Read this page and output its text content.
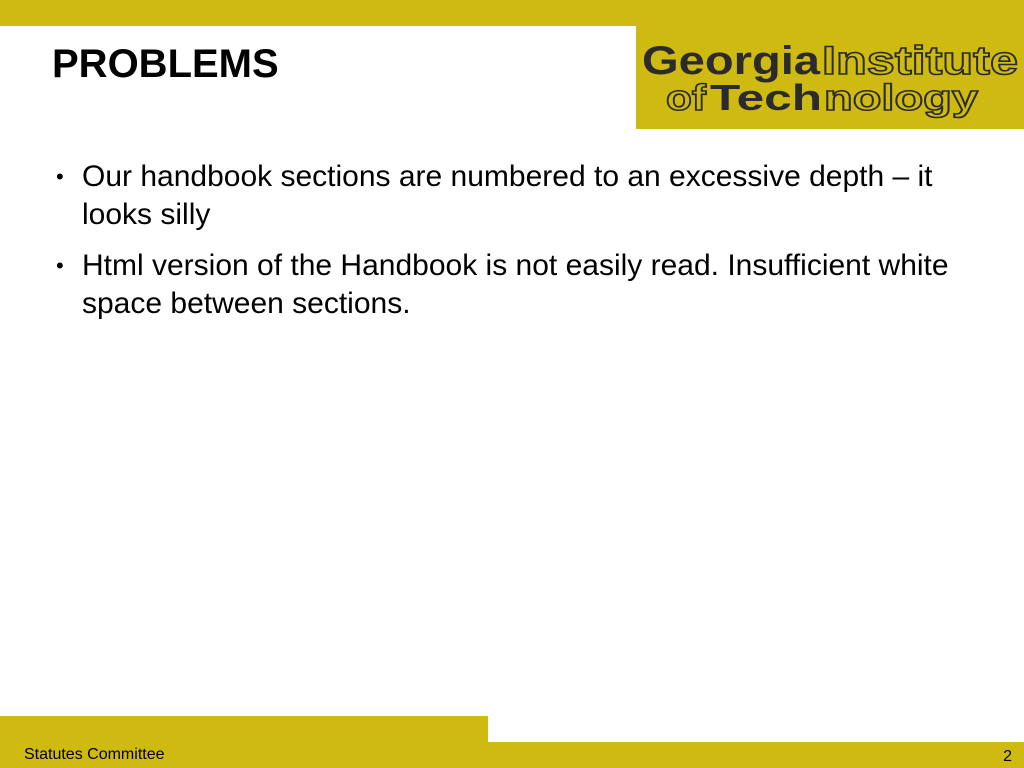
Georgia Institute
of Tech nology
PROBLEMS
• Our handbook sections are numbered to an excessive depth – it looks silly
• Html version of the Handbook is not easily read. Insufficient white space between sections.
Statutes Committee	2
